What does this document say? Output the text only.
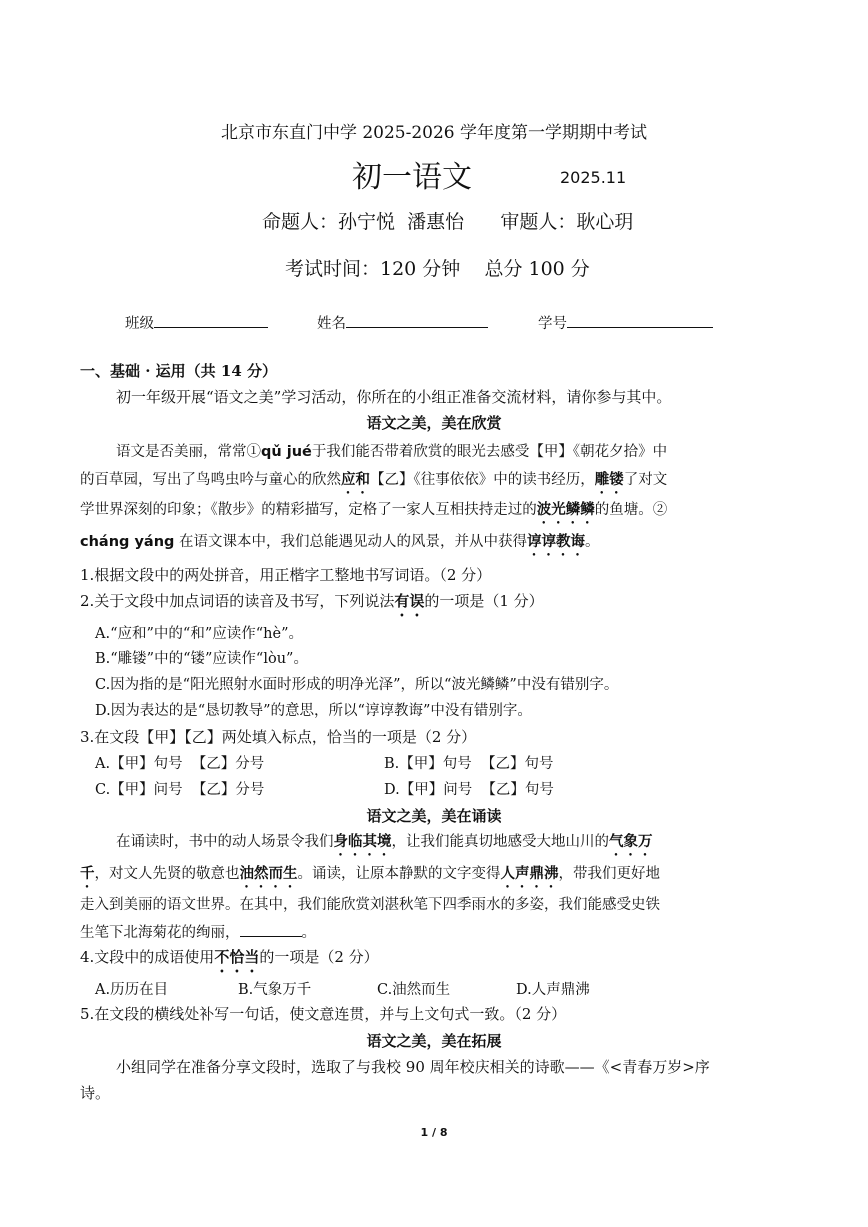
北京市东直门中学 2025-2026 学年度第一学期期中考试
初一语文	2025.11
命题人：孙宁悦  潘惠怡      审题人：耿心玥
考试时间：120 分钟    总分 100 分
班级	姓名	学号
一、基础 · 运用（共 14 分）
初一年级开展“语文之美”学习活动，你所在的小组正准备交流材料，请你参与其中。
语文之美，美在欣赏
语文是否美丽，常常①qǔ jué于我们能否带着欣赏的眼光去感受【甲】《朝花夕拾》中
的百草园，写出了鸟鸣虫吟与童心的欣然应和【乙】《往事依依》中的读书经历，雕镂了对文
学世界深刻的印象；《散步》的精彩描写，定格了一家人互相扶持走过的波光鳞鳞的鱼塘。②
cháng yáng 在语文课本中，我们总能遇见动人的风景，并从中获得谆谆教诲。
1.根据文段中的两处拼音，用正楷字工整地书写词语。（2 分）
2.关于文段中加点词语的读音及书写，下列说法有误的一项是（1 分）
A.“应和”中的“和”应读作“hè”。
B.“雕镂”中的“镂”应读作“lòu”。
C.因为指的是“阳光照射水面时形成的明净光泽”，所以“波光鳞鳞”中没有错别字。
D.因为表达的是“恳切教导”的意思，所以“谆谆教诲”中没有错别字。
3.在文段【甲】【乙】两处填入标点，恰当的一项是（2 分）
A.【甲】句号  【乙】分号	B.【甲】句号  【乙】句号
C.【甲】问号  【乙】分号	D.【甲】问号  【乙】句号
语文之美，美在诵读
在诵读时，书中的动人场景令我们身临其境，让我们能真切地感受大地山川的气象万
千，对文人先贤的敬意也油然而生。诵读，让原本静默的文字变得人声鼎沸，带我们更好地
走入到美丽的语文世界。在其中，我们能欣赏刘湛秋笔下四季雨水的多姿，我们能感受史铁
生笔下北海菊花的绚丽，	。
4.文段中的成语使用不恰当的一项是（2 分）
A.历历在目	B.气象万千	C.油然而生	D.人声鼎沸
5.在文段的横线处补写一句话，使文意连贯，并与上文句式一致。（2 分）
语文之美，美在拓展
小组同学在准备分享文段时，选取了与我校 90 周年校庆相关的诗歌——《<青春万岁>序
诗。
1 / 8
